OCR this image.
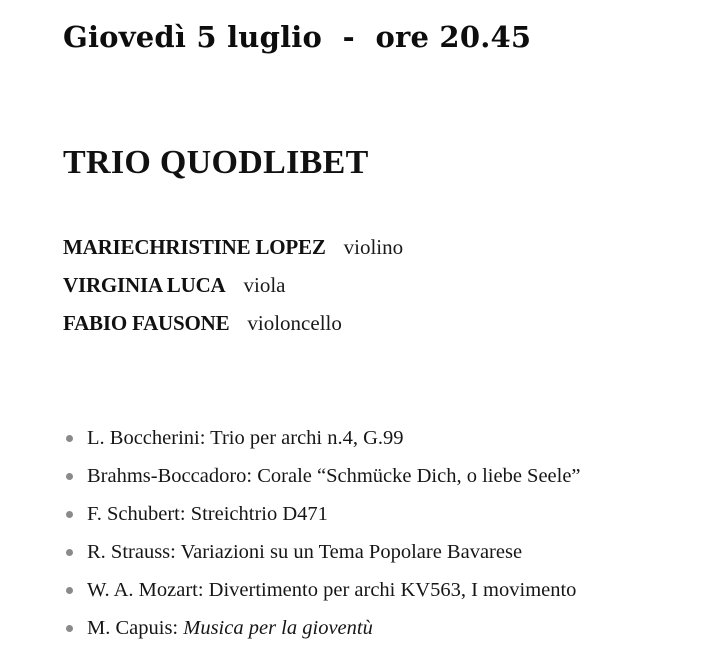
Giovedì 5 luglio  -  ore 20.45
TRIO QUODLIBET
MARIECHRISTINE LOPEZ violino
VIRGINIA LUCA viola
FABIO FAUSONE violoncello
L. Boccherini: Trio per archi n.4, G.99
Brahms-Boccadoro: Corale “Schmücke Dich, o liebe Seele”
F. Schubert: Streichtrio D471
R. Strauss: Variazioni su un Tema Popolare Bavarese
W. A. Mozart: Divertimento per archi KV563, I movimento
M. Capuis: Musica per la gioventù
